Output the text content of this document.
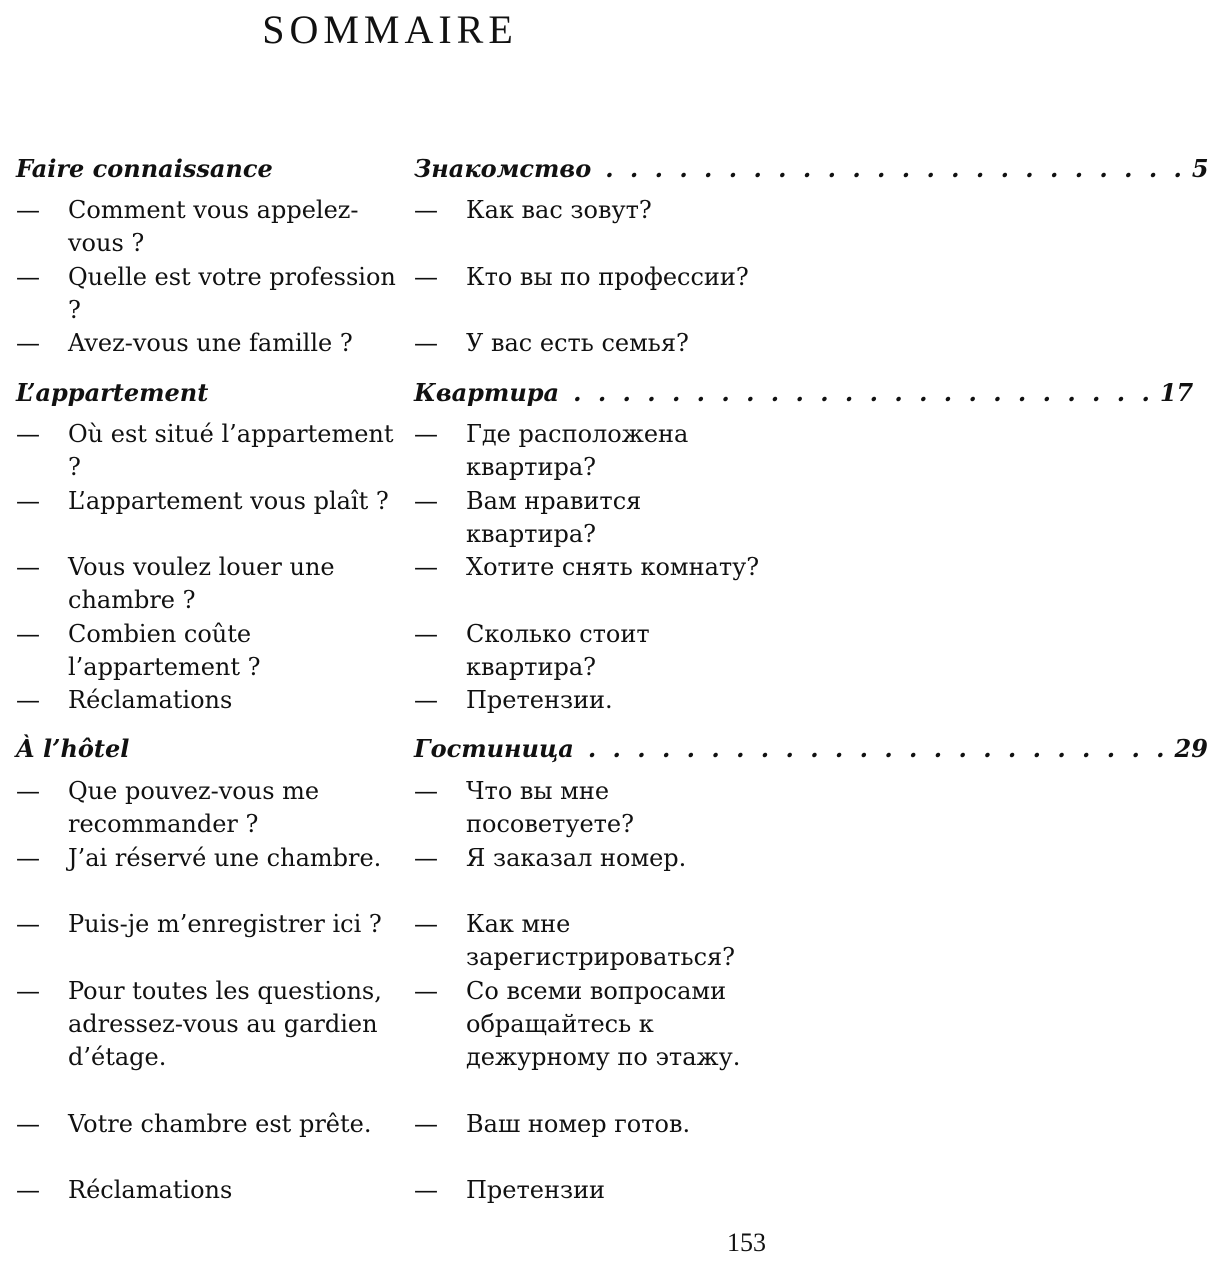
SOMMAIRE
Faire connaissance
— Comment vous appelez-vous ?
— Quelle est votre profession ?
— Avez-vous une famille ?
L’appartement
— Où est situé l’appartement ?
— L’appartement vous plaît ?
— Vous voulez louer une chambre ?
— Combien coûte l’appartement ?
— Réclamations
À l’hôtel
— Que pouvez-vous me recommander ?
— J’ai réservé une chambre.
— Puis-je m’enregistrer ici ?
— Pour toutes les questions, adressez-vous au gardien d’étage.
— Votre chambre est prête.
— Réclamations
Знакомство . . . . . . . . . . . . . . . . . . . . . . . . 5
— Как вас зовут?
— Кто вы по профессии?
— У вас есть семья?
Квартира . . . . . . . . . . . . . . . . . . . . . . . . 17
— Где расположена квартира?
— Вам нравится квартира?
— Хотите снять комнату?
— Сколько стоит квартира?
— Претензии.
Гостиница . . . . . . . . . . . . . . . . . . . . . . . . 29
— Что вы мне посоветуете?
— Я заказал номер.
— Как мне зарегистрироваться?
— Со всеми вопросами обращайтесь к дежурному по этажу.
— Ваш номер готов.
— Претензии
153
